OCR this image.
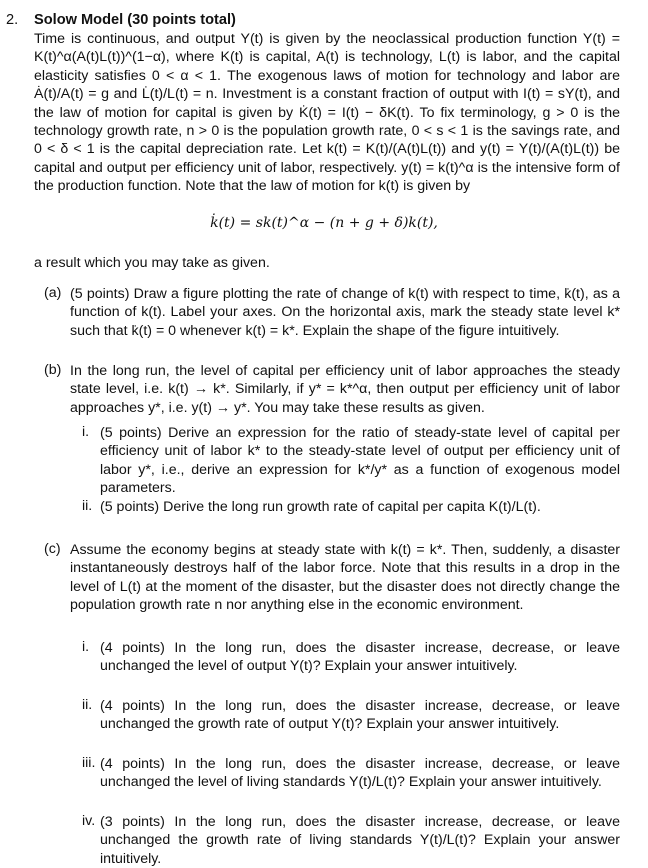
2. Solow Model (30 points total)
Time is continuous, and output Y(t) is given by the neoclassical production function Y(t) = K(t)^α(A(t)L(t))^(1−α), where K(t) is capital, A(t) is technology, L(t) is labor, and the capital elasticity satisfies 0 < α < 1. The exogenous laws of motion for technology and labor are Ȧ(t)/A(t) = g and L̇(t)/L(t) = n. Investment is a constant fraction of output with I(t) = sY(t), and the law of motion for capital is given by K̇(t) = I(t) − δK(t). To fix terminology, g > 0 is the technology growth rate, n > 0 is the population growth rate, 0 < s < 1 is the savings rate, and 0 < δ < 1 is the capital depreciation rate. Let k(t) = K(t)/(A(t)L(t)) and y(t) = Y(t)/(A(t)L(t)) be capital and output per efficiency unit of labor, respectively. y(t) = k(t)^α is the intensive form of the production function. Note that the law of motion for k(t) is given by
k̇(t) = sk(t)^α − (n + g + δ)k(t),
a result which you may take as given.
(a) (5 points) Draw a figure plotting the rate of change of k(t) with respect to time, k̇(t), as a function of k(t). Label your axes. On the horizontal axis, mark the steady state level k* such that k̇(t) = 0 whenever k(t) = k*. Explain the shape of the figure intuitively.
(b) In the long run, the level of capital per efficiency unit of labor approaches the steady state level, i.e. k(t) → k*. Similarly, if y* = k*^α, then output per efficiency unit of labor approaches y*, i.e. y(t) → y*. You may take these results as given.
i. (5 points) Derive an expression for the ratio of steady-state level of capital per efficiency unit of labor k* to the steady-state level of output per efficiency unit of labor y*, i.e., derive an expression for k*/y* as a function of exogenous model parameters.
ii. (5 points) Derive the long run growth rate of capital per capita K(t)/L(t).
(c) Assume the economy begins at steady state with k(t) = k*. Then, suddenly, a disaster instantaneously destroys half of the labor force. Note that this results in a drop in the level of L(t) at the moment of the disaster, but the disaster does not directly change the population growth rate n nor anything else in the economic environment.
i. (4 points) In the long run, does the disaster increase, decrease, or leave unchanged the level of output Y(t)? Explain your answer intuitively.
ii. (4 points) In the long run, does the disaster increase, decrease, or leave unchanged the growth rate of output Y(t)? Explain your answer intuitively.
iii. (4 points) In the long run, does the disaster increase, decrease, or leave unchanged the level of living standards Y(t)/L(t)? Explain your answer intuitively.
iv. (3 points) In the long run, does the disaster increase, decrease, or leave unchanged the growth rate of living standards Y(t)/L(t)? Explain your answer intuitively.
